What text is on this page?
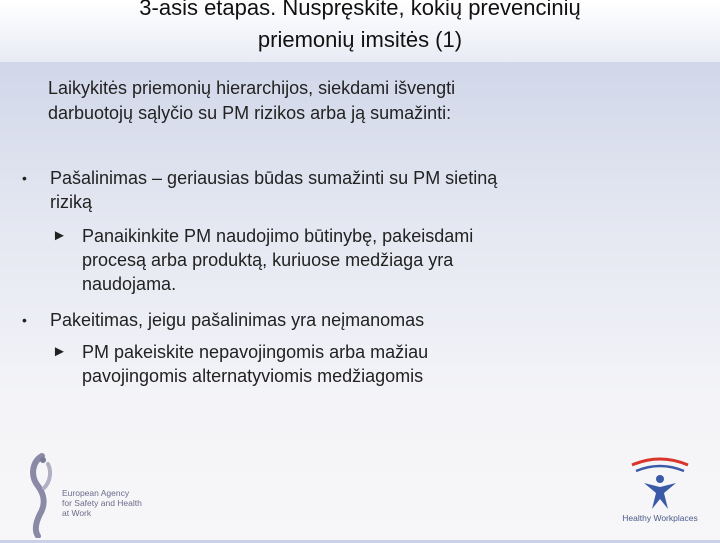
3-asis etapas. Nuspręskite, kokių prevencinių
priemonių imsitės (1)
Laikykitės priemonių hierarchijos, siekdami išvengti
darbuotojų sąlyčio su PM rizikos arba ją sumažinti:
• Pašalinimas – geriausias būdas sumažinti su PM sietiną
riziką
► Panaikinkite PM naudojimo būtinybę, pakeisdami
procesą arba produktą, kuriuose medžiaga yra
naudojama.
• Pakeitimas, jeigu pašalinimas yra neįmanomas
► PM pakeiskite nepavojingomis arba mažiau
pavojingomis alternatyviomis medžiagomis
European Agency
for Safety and Health
at Work	Healthy Workplaces
